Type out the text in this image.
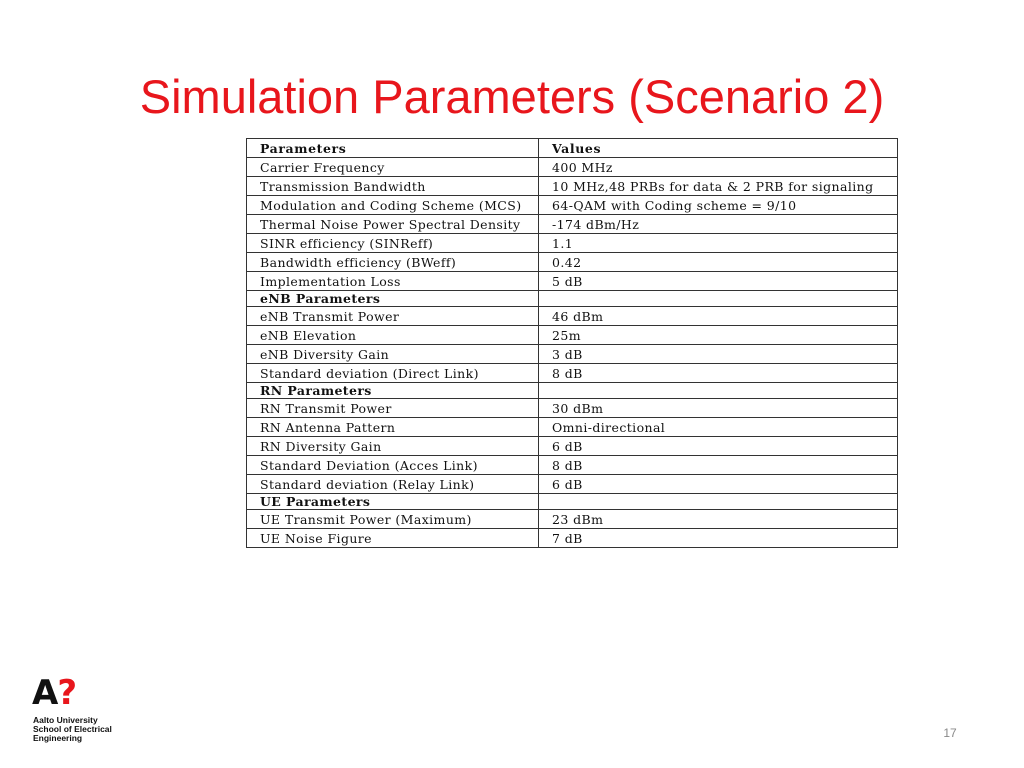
Simulation Parameters (Scenario 2)
Parameters	Values
Carrier Frequency	400 MHz
Transmission Bandwidth	10 MHz,48 PRBs for data & 2 PRB for signaling
Modulation and Coding Scheme (MCS)	64-QAM with Coding scheme = 9/10
Thermal Noise Power Spectral Density	-174 dBm/Hz
SINR efficiency (SINReff)	1.1
Bandwidth efficiency (BWeff)	0.42
Implementation Loss	5 dB
eNB Parameters	
eNB Transmit Power	46 dBm
eNB Elevation	25m
eNB Diversity Gain	3 dB
Standard deviation (Direct Link)	8 dB
RN Parameters	
RN Transmit Power	30 dBm
RN Antenna Pattern	Omni-directional
RN Diversity Gain	6 dB
Standard Deviation (Acces Link)	8 dB
Standard deviation (Relay Link)	6 dB
UE Parameters	
UE Transmit Power (Maximum)	23 dBm
UE Noise Figure	7 dB
A?
Aalto University
School of Electrical
Engineering	17
